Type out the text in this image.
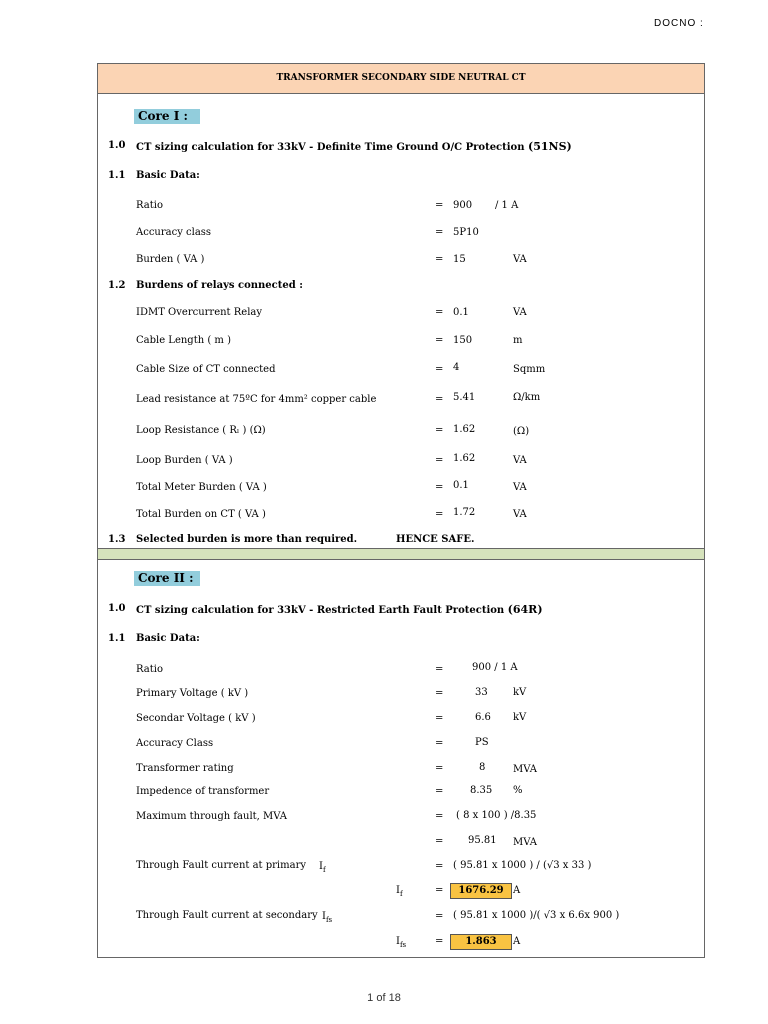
DOCNO :
TRANSFORMER SECONDARY SIDE NEUTRAL CT
Core I :
1.0 CT sizing calculation for 33kV - Definite Time Ground O/C Protection (51NS)
1.1 Basic Data:
Ratio	= 900 / 1 A
Accuracy class	= 5P10
Burden ( VA )	= 15	VA
1.2 Burdens of relays connected :
IDMT Overcurrent Relay	= 0.1	VA
Cable Length ( m )	= 150	m
Cable Size of CT connected	= 4	Sqmm
Lead resistance at 75ºC for 4mm² copper cable	= 5.41	Ω/km
Loop Resistance ( Rₗ ) (Ω)	= 1.62	(Ω)
Loop Burden ( VA )	= 1.62	VA
Total Meter Burden ( VA )	= 0.1	VA
Total Burden on CT ( VA )	= 1.72	VA
1.3 Selected burden is more than required.	HENCE SAFE.
Core II :
1.0 CT sizing calculation for 33kV - Restricted Earth Fault Protection (64R)
1.1 Basic Data:
Ratio	=	900 / 1 A
Primary Voltage ( kV )	=	33	kV
Secondar Voltage ( kV )	=	6.6 kV
Accuracy Class	=	PS
Transformer rating	=	8	MVA
Impedence of transformer	=	8.35 %
Maximum through fault, MVA	= ( 8 x 100 ) /8.35
= 95.81 MVA
Through Fault current at primary $I_f$	= ( 95.81 x 1000 ) / (√3 x 33 )
$I_f$	=	1676.29 A
Through Fault current at secondary $I_{fs}$	= ( 95.81 x 1000 )/( √3 x 6.6x 900 )
$I_{fs}$	=	1.863	A
1 of 18
